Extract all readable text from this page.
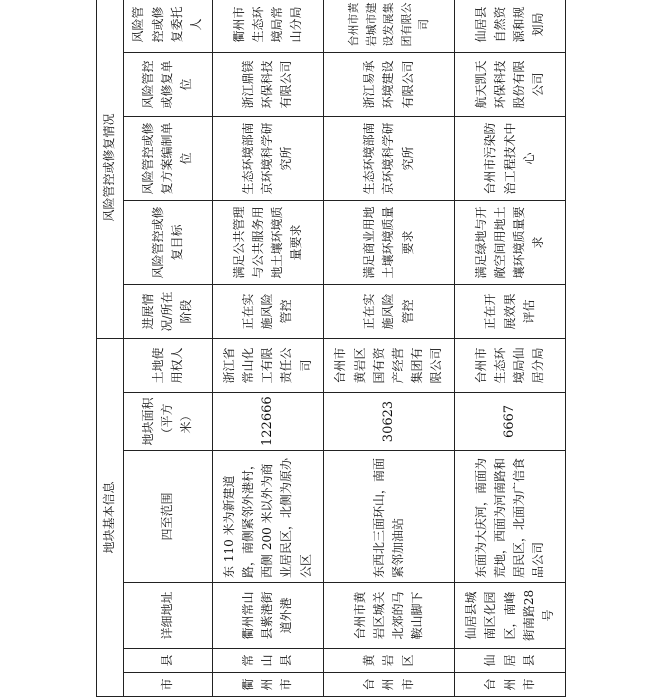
地块基本信息						风险管控或修复情况				
市	县	详细地址	四至范围	地块面积（平方米）	土地使用权人	进展情况/所在阶段	风险管控或修复目标	风险管控或修复方案编制单位	风险管控或修复单位	风险管控或修复委托人
衢州市	常山县	衢州常山县紫港街道外港	东 110 米为新建道路，南侧紧邻外港村，西侧 200 米以外为商业居民区，北侧为原办公区	122666	浙江省常山化工有限责任公司	正在实施风险管控	满足公共管理与公共服务用地土壤环境质量要求	生态环境部南京环境科学研究所	浙江鼎镁环保科技有限公司	衢州市生态环境局常山分局
台州市	黄岩区	台州市黄岩区城关北郊的马鞍山脚下	东西北三面环山，南面紧邻加油站	30623	台州市黄岩区国有资产经营集团有限公司	正在实施风险管控	满足商业用地土壤环境质量要求	生态环境部南京环境科学研究所	浙江易承环境建设有限公司	台州市黄岩城市建设发展集团有限公司
台州市	仙居县	仙居县城南区化园区，南峰街南路28号	东面为大庆河，南面为荒地，西面为河南路和居民区，北面为广信食品公司	6667	台州市生态环境局仙居分局	正在开展效果评估	满足绿地与开敞空间用地土壤环境质量要求	台州市污染防治工程技术中心	航天凯天环保科技股份有限公司	仙居县自然资源和规划局
